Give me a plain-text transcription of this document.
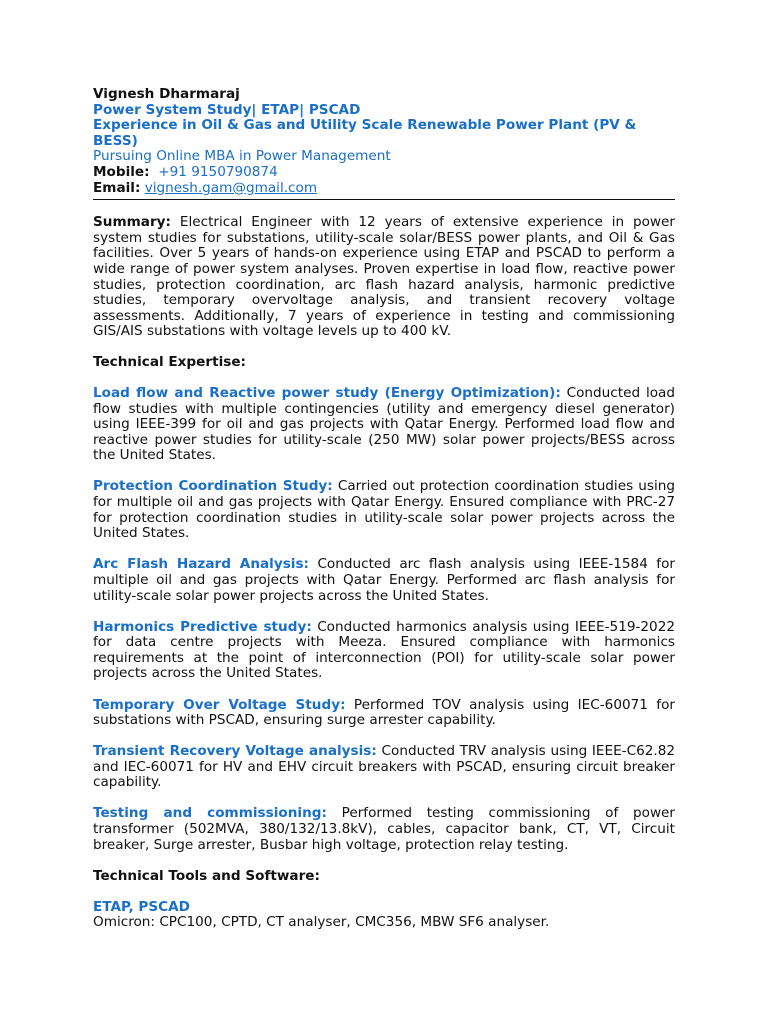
Vignesh Dharmaraj

Power System Study| ETAP| PSCAD

Experience in Oil & Gas and Utility Scale Renewable Power Plant (PV & BESS)

Pursuing Online MBA in Power Management

Mobile: +91 9150790874

Email: vignesh.gam@gmail.com

Summary: Electrical Engineer with 12 years of extensive experience in power system studies for substations, utility-scale solar/BESS power plants, and Oil & Gas facilities. Over 5 years of hands-on experience using ETAP and PSCAD to perform a wide range of power system analyses. Proven expertise in load flow, reactive power studies, protection coordination, arc flash hazard analysis, harmonic predictive studies, temporary overvoltage analysis, and transient recovery voltage assessments. Additionally, 7 years of experience in testing and commissioning GIS/AIS substations with voltage levels up to 400 kV.

Technical Expertise:

Load flow and Reactive power study (Energy Optimization): Conducted load flow studies with multiple contingencies (utility and emergency diesel generator) using IEEE-399 for oil and gas projects with Qatar Energy. Performed load flow and reactive power studies for utility-scale (250 MW) solar power projects/BESS across the United States.

Protection Coordination Study: Carried out protection coordination studies using for multiple oil and gas projects with Qatar Energy. Ensured compliance with PRC-27 for protection coordination studies in utility-scale solar power projects across the United States.

Arc Flash Hazard Analysis: Conducted arc flash analysis using IEEE-1584 for multiple oil and gas projects with Qatar Energy. Performed arc flash analysis for utility-scale solar power projects across the United States.

Harmonics Predictive study: Conducted harmonics analysis using IEEE-519-2022 for data centre projects with Meeza. Ensured compliance with harmonics requirements at the point of interconnection (POI) for utility-scale solar power projects across the United States.

Temporary Over Voltage Study: Performed TOV analysis using IEC-60071 for substations with PSCAD, ensuring surge arrester capability.

Transient Recovery Voltage analysis: Conducted TRV analysis using IEEE-C62.82 and IEC-60071 for HV and EHV circuit breakers with PSCAD, ensuring circuit breaker capability.

Testing and commissioning: Performed testing commissioning of power transformer (502MVA, 380/132/13.8kV), cables, capacitor bank, CT, VT, Circuit breaker, Surge arrester, Busbar high voltage, protection relay testing.

Technical Tools and Software:

ETAP, PSCAD

Omicron: CPC100, CPTD, CT analyser, CMC356, MBW SF6 analyser.
